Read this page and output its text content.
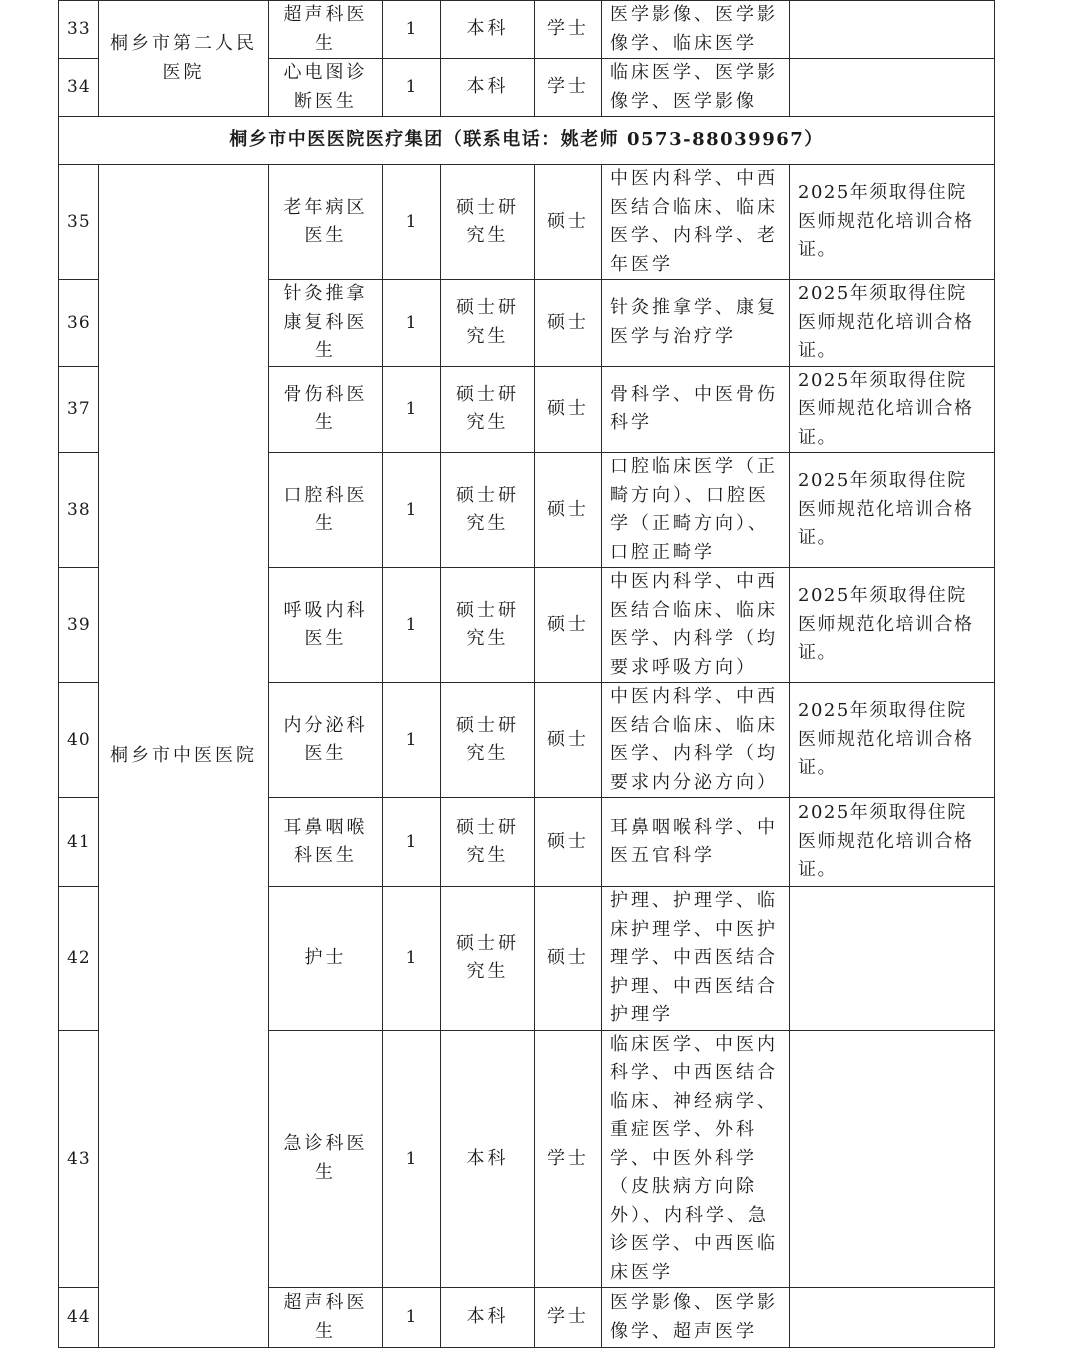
33	桐乡市第二人民医院	超声科医生	1	本科	学士	医学影像、医学影像学、临床医学	
34		心电图诊断医生	1	本科	学士	临床医学、医学影像学、医学影像	
桐乡市中医医院医疗集团（联系电话：姚老师 0573-88039967）							
35	桐乡市中医医院	老年病区医生	1	硕士研究生	硕士	中医内科学、中西医结合临床、临床医学、内科学、老年医学	2025年须取得住院医师规范化培训合格证。
36		针灸推拿康复科医生	1	硕士研究生	硕士	针灸推拿学、康复医学与治疗学	2025年须取得住院医师规范化培训合格证。
37		骨伤科医生	1	硕士研究生	硕士	骨科学、中医骨伤科学	2025年须取得住院医师规范化培训合格证。
38		口腔科医生	1	硕士研究生	硕士	口腔临床医学（正畸方向）、口腔医学（正畸方向）、口腔正畸学	2025年须取得住院医师规范化培训合格证。
39		呼吸内科医生	1	硕士研究生	硕士	中医内科学、中西医结合临床、临床医学、内科学（均要求呼吸方向）	2025年须取得住院医师规范化培训合格证。
40		内分泌科医生	1	硕士研究生	硕士	中医内科学、中西医结合临床、临床医学、内科学（均要求内分泌方向）	2025年须取得住院医师规范化培训合格证。
41		耳鼻咽喉科医生	1	硕士研究生	硕士	耳鼻咽喉科学、中医五官科学	2025年须取得住院医师规范化培训合格证。
42		护士	1	硕士研究生	硕士	护理、护理学、临床护理学、中医护理学、中西医结合护理、中西医结合护理学	
43		急诊科医生	1	本科	学士	临床医学、中医内科学、中西医结合临床、神经病学、重症医学、外科学、中医外科学（皮肤病方向除外）、内科学、急诊医学、中西医临床医学	
44		超声科医生	1	本科	学士	医学影像、医学影像学、超声医学	
